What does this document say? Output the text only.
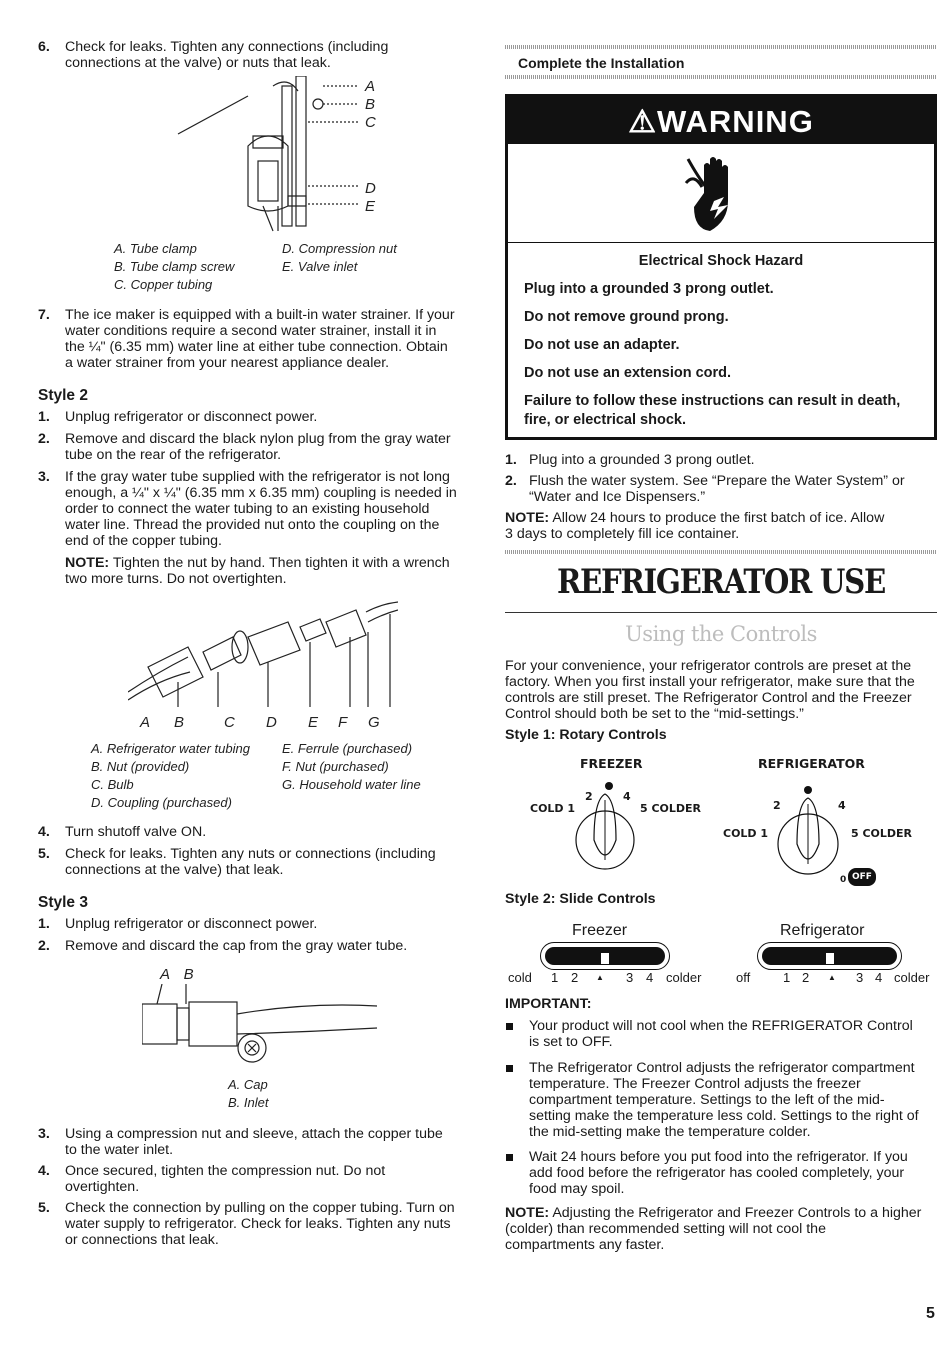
6. Check for leaks. Tighten any connections (including
connections at the valve) or nuts that leak.
A
B
C
D
E
A. Tube clamp
B. Tube clamp screw
C. Copper tubing
D. Compression nut
E. Valve inlet
7. The ice maker is equipped with a built-in water strainer. If your
water conditions require a second water strainer, install it in
the ¼" (6.35 mm) water line at either tube connection. Obtain
a water strainer from your nearest appliance dealer.
Style 2
1. Unplug refrigerator or disconnect power.
2. Remove and discard the black nylon plug from the gray water
tube on the rear of the refrigerator.
3. If the gray water tube supplied with the refrigerator is not long
enough, a ¼" x ¼" (6.35 mm x 6.35 mm) coupling is needed in
order to connect the water tubing to an existing household
water line. Thread the provided nut onto the coupling on the
end of the copper tubing.
NOTE: Tighten the nut by hand. Then tighten it with a wrench
two more turns. Do not overtighten.
A B	C D E F G
A. Refrigerator water tubing
B. Nut (provided)
C. Bulb
D. Coupling (purchased)
E. Ferrule (purchased)
F. Nut (purchased)
G. Household water line
4. Turn shutoff valve ON.
5. Check for leaks. Tighten any nuts or connections (including
connections at the valve) that leak.
Style 3
1. Unplug refrigerator or disconnect power.
2. Remove and discard the cap from the gray water tube.
A B
A. Cap
B. Inlet
3. Using a compression nut and sleeve, attach the copper tube
to the water inlet.
4. Once secured, tighten the compression nut. Do not
overtighten.
5. Check the connection by pulling on the copper tubing. Turn on
water supply to refrigerator. Check for leaks. Tighten any nuts
or connections that leak.
Complete the Installation
⚠WARNING
Electrical Shock Hazard
Plug into a grounded 3 prong outlet.
Do not remove ground prong.
Do not use an adapter.
Do not use an extension cord.
Failure to follow these instructions can result in death,
fire, or electrical shock.
1. Plug into a grounded 3 prong outlet.
2. Flush the water system. See “Prepare the Water System” or
“Water and Ice Dispensers.”
NOTE: Allow 24 hours to produce the first batch of ice. Allow
3 days to completely fill ice container.
REFRIGERATOR USE
Using the Controls
For your convenience, your refrigerator controls are preset at the
factory. When you first install your refrigerator, make sure that the
controls are still preset. The Refrigerator Control and the Freezer
Control should both be set to the “mid-settings.”
Style 1: Rotary Controls
FREEZER
COLD 1
2	4
5 COLDER
REFRIGERATOR
COLD 1
2	4
5 COLDER
0 OFF
Style 2: Slide Controls
Freezer
cold 1 2 ▲ 3 4 colder
Refrigerator
off	1 2 ▲ 3 4 colder
IMPORTANT:
Your product will not cool when the REFRIGERATOR Control
is set to OFF.
The Refrigerator Control adjusts the refrigerator compartment
temperature. The Freezer Control adjusts the freezer
compartment temperature. Settings to the left of the mid-
setting make the temperature less cold. Settings to the right of
the mid-setting make the temperature colder.
Wait 24 hours before you put food into the refrigerator. If you
add food before the refrigerator has cooled completely, your
food may spoil.
NOTE: Adjusting the Refrigerator and Freezer Controls to a higher
(colder) than recommended setting will not cool the
compartments any faster.
5
